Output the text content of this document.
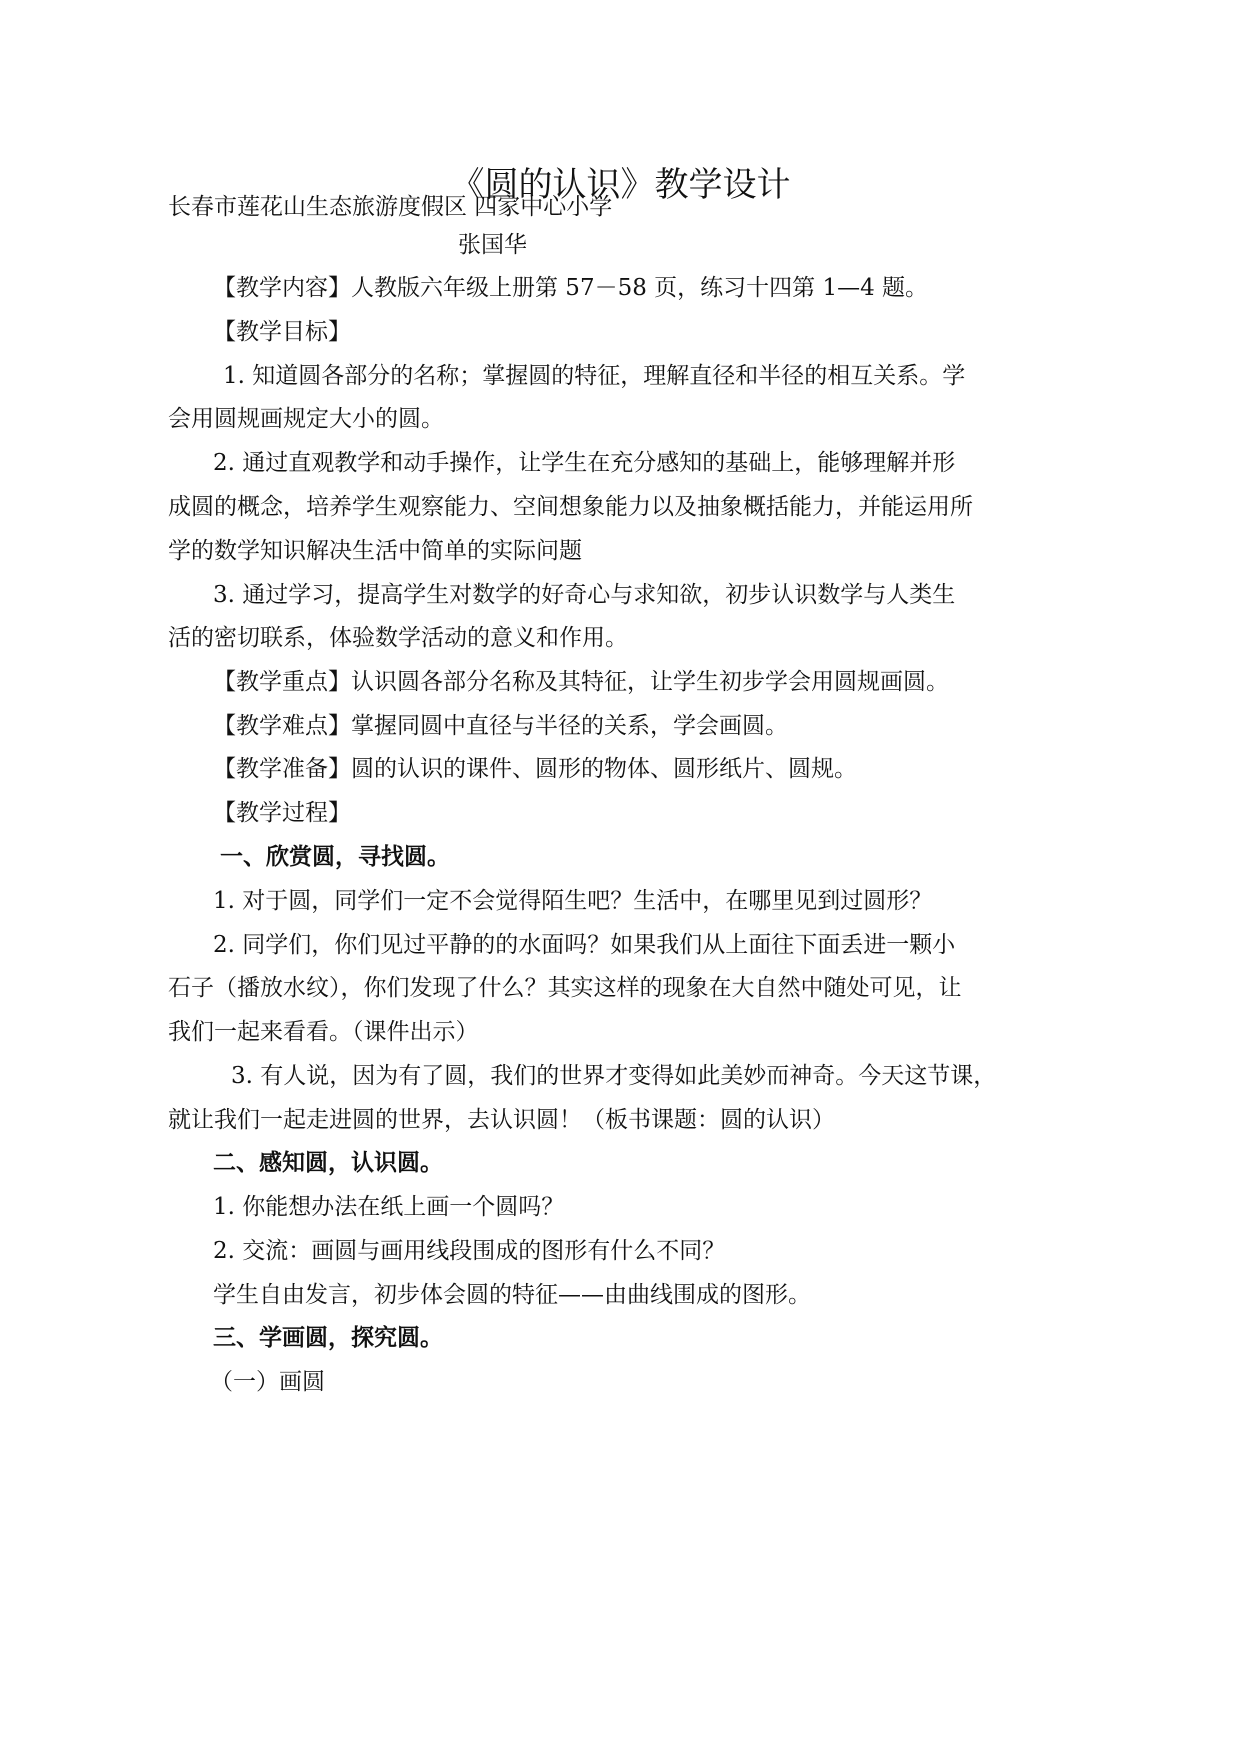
《圆的认识》教学设计
长春市莲花山生态旅游度假区 四家中心小学
张国华
【教学内容】人教版六年级上册第 57－58 页，练习十四第 1—4 题。
【教学目标】
1. 知道圆各部分的名称；掌握圆的特征，理解直径和半径的相互关系。学
会用圆规画规定大小的圆。
2. 通过直观教学和动手操作，让学生在充分感知的基础上，能够理解并形
成圆的概念，培养学生观察能力、空间想象能力以及抽象概括能力，并能运用所
学的数学知识解决生活中简单的实际问题
3. 通过学习，提高学生对数学的好奇心与求知欲，初步认识数学与人类生
活的密切联系，体验数学活动的意义和作用。
【教学重点】认识圆各部分名称及其特征，让学生初步学会用圆规画圆。
【教学难点】掌握同圆中直径与半径的关系，学会画圆。
【教学准备】圆的认识的课件、圆形的物体、圆形纸片、圆规。
【教学过程】
一、欣赏圆，寻找圆。
1. 对于圆，同学们一定不会觉得陌生吧？生活中，在哪里见到过圆形？
2. 同学们，你们见过平静的的水面吗？如果我们从上面往下面丢进一颗小
石子（播放水纹），你们发现了什么？其实这样的现象在大自然中随处可见，让
我们一起来看看。（课件出示）
3. 有人说，因为有了圆，我们的世界才变得如此美妙而神奇。今天这节课，
就让我们一起走进圆的世界，去认识圆！（板书课题：圆的认识）
二、感知圆，认识圆。
1. 你能想办法在纸上画一个圆吗？
2. 交流：画圆与画用线段围成的图形有什么不同？
学生自由发言，初步体会圆的特征——由曲线围成的图形。
三、学画圆，探究圆。
（一）画圆
